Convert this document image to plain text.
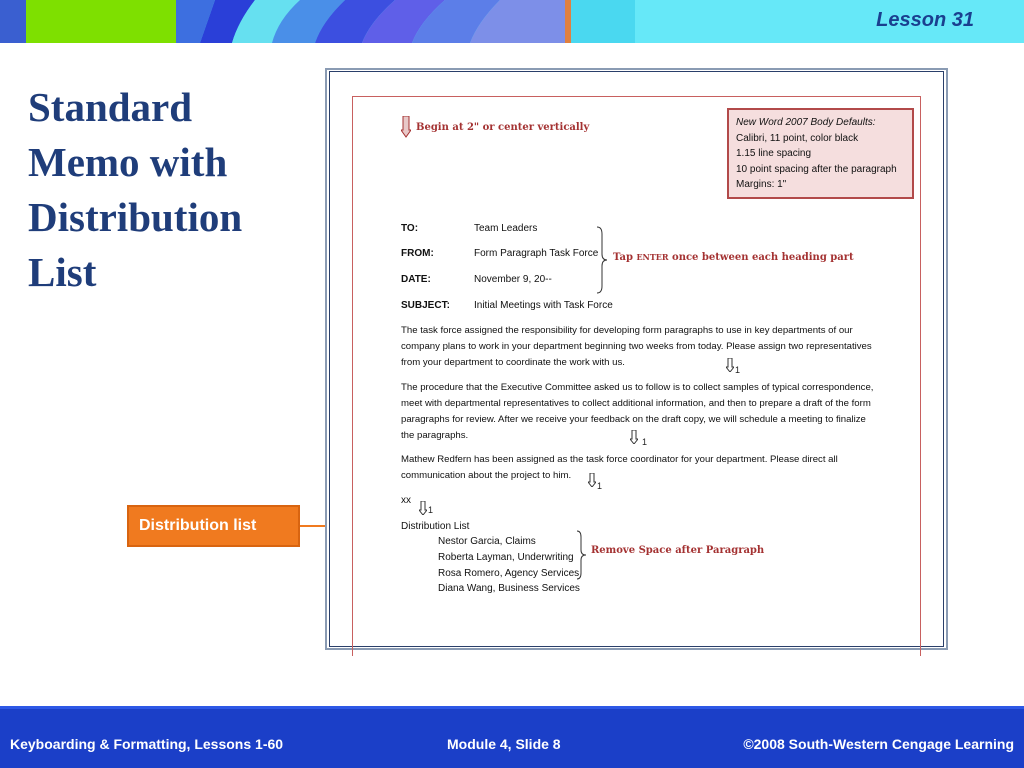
Lesson 31
Standard
Memo with
Distribution
List
Distribution list
Begin at 2" or center vertically	New Word 2007 Body Defaults:
Calibri, 11 point, color black
1.15 line spacing
10 point spacing after the paragraph
Margins: 1"
TO:	Team Leaders
FROM:	Form Paragraph Task Force
DATE:	November 9, 20--
SUBJECT: Initial Meetings with Task Force
Tap ENTER once between each heading part
The task force assigned the responsibility for developing form paragraphs to use in key departments of our company plans to work in your department beginning two weeks from today. Please assign two representatives from your department to coordinate the work with us.
1
The procedure that the Executive Committee asked us to follow is to collect samples of typical correspondence, meet with departmental representatives to collect additional information, and then to prepare a draft of the form paragraphs for review. After we receive your feedback on the draft copy, we will schedule a meeting to finalize the paragraphs.
1
Mathew Redfern has been assigned as the task force coordinator for your department. Please direct all communication about the project to him.
1
xx
1
Distribution List
Nestor Garcia, Claims
Roberta Layman, Underwriting
Rosa Romero, Agency Services
Diana Wang, Business Services
Remove Space after Paragraph
Keyboarding & Formatting, Lessons 1-60	Module 4, Slide 8	©2008 South-Western Cengage Learning
